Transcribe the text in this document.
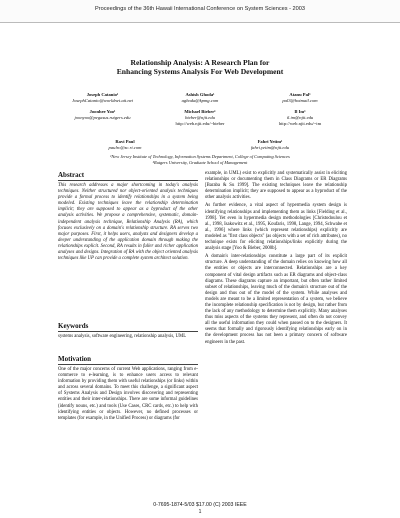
Proceedings of the 36th Hawaii International Conference on System Sciences - 2003
Relationship Analysis: A Research Plan for
Enhancing Systems Analysis For Web Development
Joseph Catanio¹
JosephCatanio@worldnet.att.net
Ashish Ghoda¹
aghoda@kpmg.com
Atanu Pal¹
pal3@hotmail.com
Joonhee Yoo¹
joonyoo@pegasus.rutgers.edu
Michael Bieber¹
bieber@njit.edu
http://web.njit.edu/~bieber
Il Im¹
il.im@njit.edu
http://web.njit.edu/~im
Ravi Paul
paulrc@zc.ri.com
Fahri Yetim¹
fahri.yetim@njit.edu
¹New Jersey Institute of Technology, Information Systems Department, College of Computing Sciences
²Rutgers University, Graduate School of Management
Abstract
This research addresses a major shortcoming in today's analysis techniques. Neither structured nor object-oriented analysis techniques provide a formal process to identify relationships in a system being modeled. Existing techniques leave the relationship determination implicit; they are supposed to appear as a byproduct of the other analysis activities. We propose a comprehensive, systematic, domain-independent analysis technique, Relationship Analysis (RA), which focuses exclusively on a domain's relationship structure. RA serves two major purposes. First, it helps users, analysts and designers develop a deeper understanding of the application domain through making the relationships explicit. Second, RA results in fuller and richer application analyses and designs. Integration of RA with the object oriented analysis techniques like UP can provide a complete system architect solution.
Keywords
systems analysis, software engineering, relationship analysis, UML
Motivation
One of the major concerns of current Web applications, ranging from e-commerce to e-learning, is to enhance users access to relevant information by providing them with useful relationships (or links) within and across several domains. To meet this challenge, a significant aspect of Systems Analysis and Design involves discovering and representing entities and their inter-relationships. There are some informal guidelines (identify nouns, etc.) and tools (Use Cases, CRC cards, etc.) to help with identifying entities or objects. However, no defined processes or templates (for example, in the Unified Process) or diagrams (for

example, in UML) exist to explicitly and systematically assist in eliciting relationships or documenting them in Class Diagrams or ER Diagrams [Baraba & Su 1999]. The existing techniques leave the relationship determination implicit; they are supposed to appear as a byproduct of the other analysis activities.

As further evidence, a vital aspect of hypermedia system design is identifying relationships and implementing them as links [Fielding et al., 1998]. Yet even in hypermedia design methodologies [Christodoulou et al., 1998, Isakowitz et al., 1995, Koufaris, 1998, Lange, 1994, Schwabe et al., 1996] where links (which represent relationships) explicitly are modeled as "first class objects" (as objects with a set of rich attributes), no technique exists for eliciting relationships/links explicitly during the analysis stage [Yoo & Bieber, 2000b].

A domain's inter-relationships constitute a large part of its explicit structure. A deep understanding of the domain relies on knowing how all the entities or objects are interconnected. Relationships are a key component of vital design artifacts such as ER diagrams and object-class diagrams. These diagrams capture an important, but often rather limited subset of relationships, leaving much of the domain's structure out of the design and thus out of the model of the system. While analyses and models are meant to be a limited representation of a system, we believe the incomplete relationship specification is not by design, but rather from the lack of any methodology to determine them explicitly. Many analyses thus miss aspects of the systems they represent, and often do not convey all the useful information they could when passed on to the designers. It seems that formally and rigorously identifying relationships early on in the development process has not been a primary concern of software engineers in the past.

0-7695-1874-5/03 $17.00 (C) 2003 IEEE
1
